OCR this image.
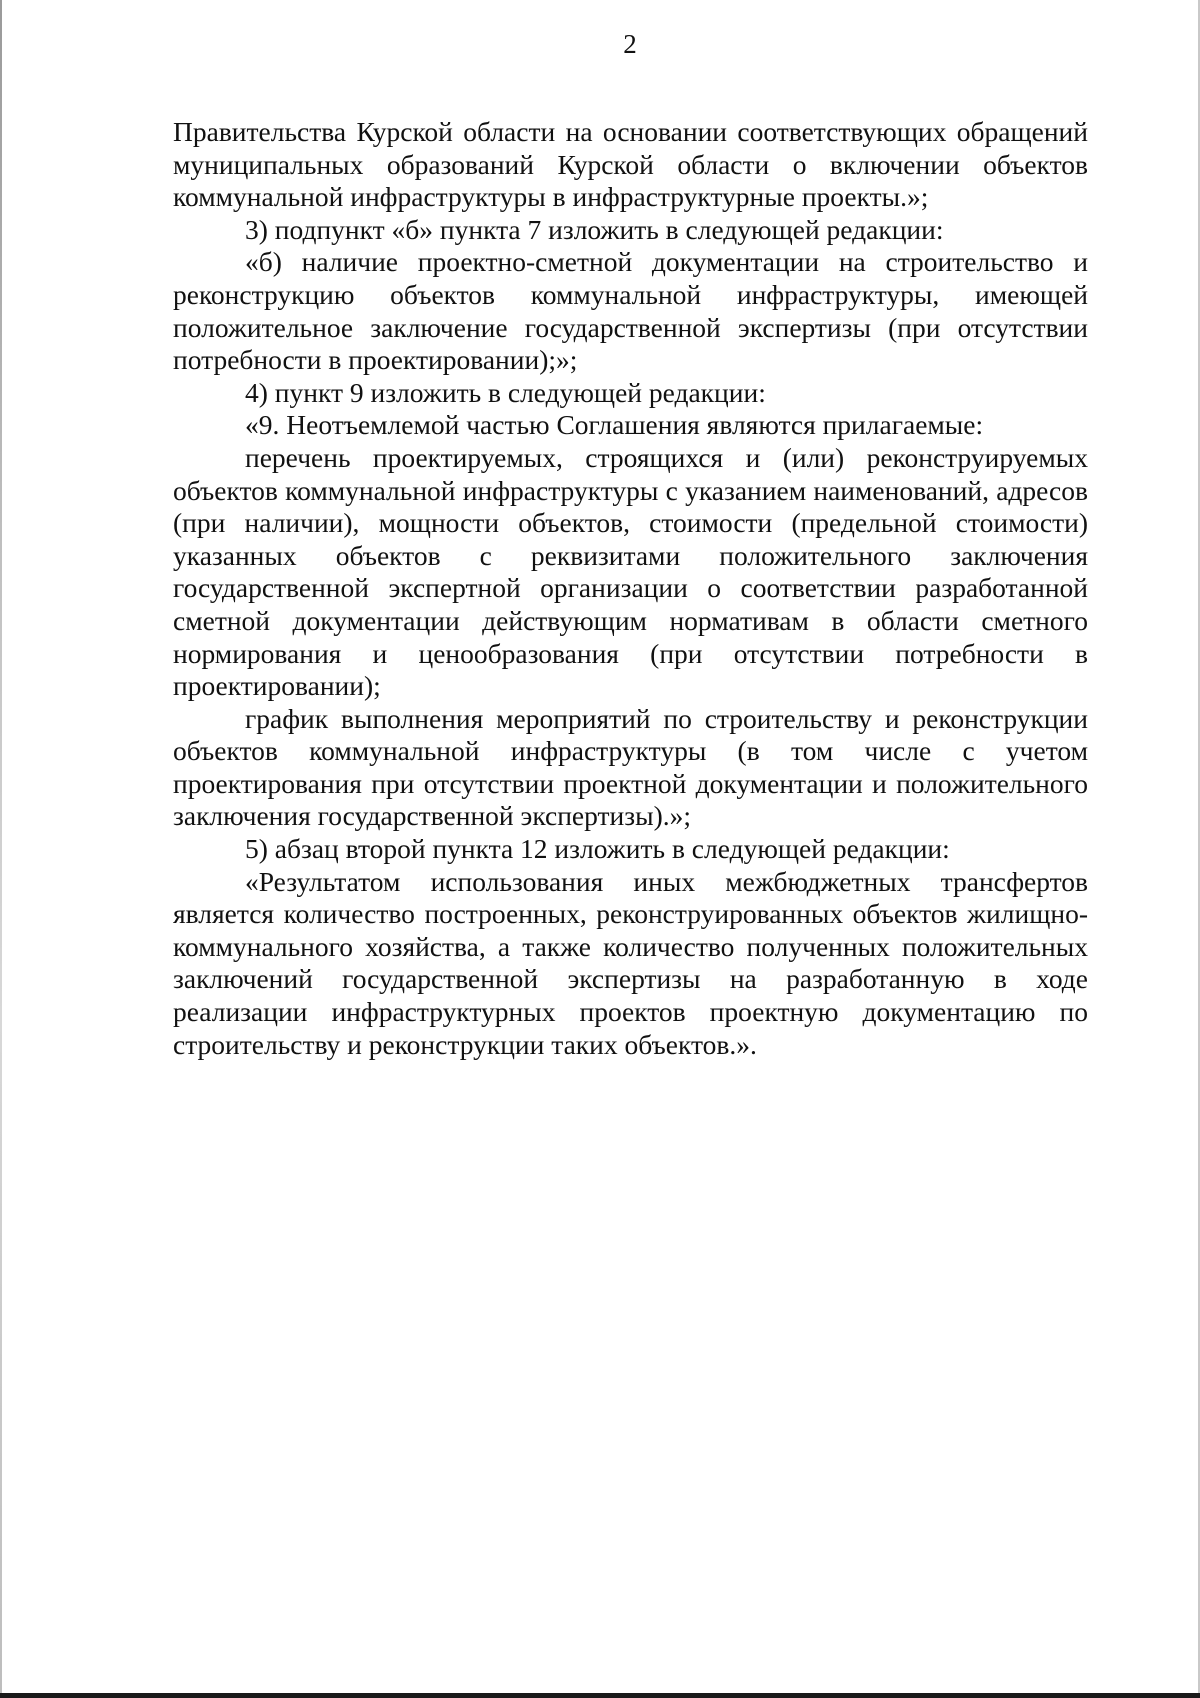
2

Правительства Курской области на основании соответствующих обращений муниципальных образований Курской области о включении объектов коммунальной инфраструктуры в инфраструктурные проекты.»;

3) подпункт «б» пункта 7 изложить в следующей редакции:

«б) наличие проектно-сметной документации на строительство и реконструкцию объектов коммунальной инфраструктуры, имеющей положительное заключение государственной экспертизы (при отсутствии потребности в проектировании);»;

4) пункт 9 изложить в следующей редакции:

«9. Неотъемлемой частью Соглашения являются прилагаемые:

перечень проектируемых, строящихся и (или) реконструируемых объектов коммунальной инфраструктуры с указанием наименований, адресов (при наличии), мощности объектов, стоимости (предельной стоимости) указанных объектов с реквизитами положительного заключения государственной экспертной организации о соответствии разработанной сметной документации действующим нормативам в области сметного нормирования и ценообразования (при отсутствии потребности в проектировании);

график выполнения мероприятий по строительству и реконструкции объектов коммунальной инфраструктуры (в том числе с учетом проектирования при отсутствии проектной документации и положительного заключения государственной экспертизы).»;

5) абзац второй пункта 12 изложить в следующей редакции:

«Результатом использования иных межбюджетных трансфертов является количество построенных, реконструированных объектов жилищно-коммунального хозяйства, а также количество полученных положительных заключений государственной экспертизы на разработанную в ходе реализации инфраструктурных проектов проектную документацию по строительству и реконструкции таких объектов.».
